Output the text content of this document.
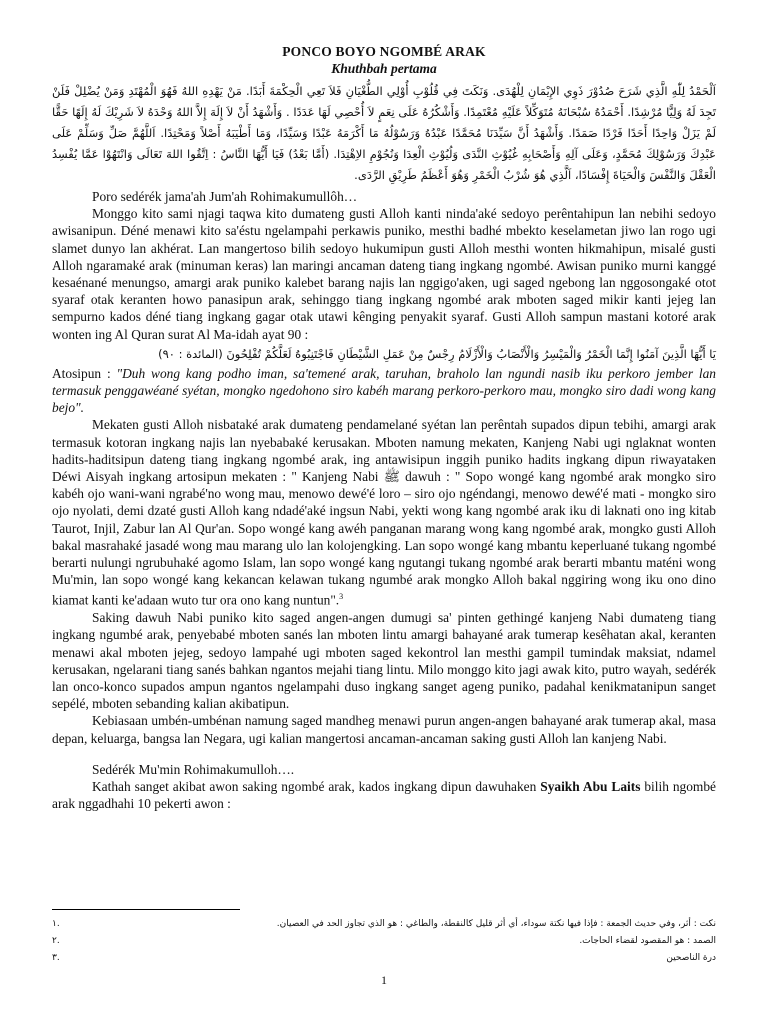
PONCO BOYO NGOMBÉ ARAK
Khuthbah pertama
اَلْحَمْدُ لِلّٰهِ الَّذِي شَرَحَ صُدُوْرَ ذَوِي الإِيْمَانِ لِلْهُدَى. وَنَكَتَ فِي قُلُوْبِ أُوْلِي الطُّغْيَانِ فَلاَ تَعِي الْحِكْمَةَ أَبَدًا. مَنْ يَهْدِهِ اللهُ فَهُوَ الْمُهْتَدِ وَمَنْ يُضْلِلْ فَلَنْ تَجِدَ لَهُ وَلِيًّا مُرْشِدًا. أَحْمَدُهُ سُبْحَانَهُ مُتَوَكِّلاً عَلَيْهِ مُعْتَمِدًا. وَأَشْكُرُهُ عَلَى نِعَمٍ لاَ أُحْصِي لَهَا عَدَدًا . وَأَشْهَدُ أَنْ لاَ إِلَهَ إِلاَّ اللهُ وَحْدَهُ لاَ شَرِيْكَ لَهُ إِلَهًا حَقًّا لَمْ يَزَلْ وَاحِدًا أَحَدًا فَرْدًا صَمَدًا. وَأَشْهَدُ أَنَّ سَيِّدَنَا مُحَمَّدًا عَبْدُهُ وَرَسُوْلُهُ مَا أَكْرَمَهُ عَبْدًا وَسَيِّدًا، وَمَا أَطْيَبَهُ أَصْلاً وَمَحْتِدًا. اَللَّهُمَّ صَلِّ وَسَلِّمْ عَلَى عَبْدِكَ وَرَسُوْلِكَ مُحَمَّدٍ، وَعَلَى آلِهِ وَأَصْحَابِهِ غُيُوْثِ النَّدَى وَلُيُوْثِ الْعِدَا وَنُجُوْمِ الاِهْتِدَا. (أَمَّا بَعْدُ) فَيَا أَيُّهَا النَّاسُ : اِتَّقُوا اللهَ تَعَالَى وَانْتَهُوْا عَمَّا يُفْسِدُ الْعَقْلَ وَالنَّفْسَ وَالْحَيَاةَ إِفْسَادًا، اَلَّذِي هُوَ شُرْبُ الْخَمْرِ وَهُوَ أَعْظَمُ طَرِيْقِ الرَّدَى.

Poro sedérék jama'ah Jum'ah Rohimakumullôh…

Monggo kito sami njagi taqwa kito dumateng gusti Alloh kanti ninda'aké sedoyo perêntahipun lan nebihi sedoyo awisanipun. Déné menawi kito sa'éstu ngelampahi perkawis puniko, mesthi badhé mbekto keselametan jiwo lan rogo ugi slamet dunyo lan akhérat. Lan mangertoso bilih sedoyo hukumipun gusti Alloh mesthi wonten hikmahipun, misalé gusti Alloh ngaramaké arak (minuman keras) lan maringi ancaman dateng tiang ingkang ngombé. Awisan puniko murni kanggé kesaénané menungso, amargi arak puniko kalebet barang najis lan nggigo'aken, ugi saged ngebong lan nggosongaké otot syaraf otak keranten howo panasipun arak, sehinggo tiang ingkang ngombé arak mboten saged mikir kanti jejeg lan sempurno kados déné tiang ingkang gagar otak utawi kênging penyakit syaraf. Gusti Alloh sampun mastani kotoré arak wonten ing Al Quran surat Al Ma-idah ayat 90 :

يَا أَيُّهَا الَّذِينَ آمَنُوا إِنَّمَا الْخَمْرُ وَالْمَيْسِرُ وَالْأَنْصَابُ وَالْأَزْلَامُ رِجْسٌ مِنْ عَمَلِ الشَّيْطَانِ فَاجْتَنِبُوهُ لَعَلَّكُمْ تُفْلِحُونَ (المائدة : ٩٠)

Atosipun : "Duh wong kang podho iman, sa'temené arak, taruhan, braholo lan ngundi nasib iku perkoro jember lan termasuk penggawéané syétan, mongko ngedohono siro kabéh marang perkoro-perkoro mau, mongko siro dadi wong kang bejo".

Mekaten gusti Alloh nisbataké arak dumateng pendamelané syétan lan perêntah supados dipun tebihi, amargi arak termasuk kotoran ingkang najis lan nyebabaké kerusakan. Mboten namung mekaten, Kanjeng Nabi ugi nglaknat wonten hadits-haditsipun dateng tiang ingkang ngombé arak, ing antawisipun inggih puniko hadits ingkang dipun riwayataken Déwi Aisyah ingkang artosipun mekaten : " Kanjeng Nabi ﷺ dawuh : " Sopo wongé kang ngombé arak mongko siro kabéh ojo wani-wani ngrabé'no wong mau, menowo dewé'é loro – siro ojo ngéndangi, menowo dewé'é mati - mongko siro ojo nyolati, demi dzaté gusti Alloh kang ndadé'aké ingsun Nabi, yekti wong kang ngombé arak iku di laknati ono ing kitab Taurot, Injil, Zabur lan Al Qur'an. Sopo wongé kang awéh panganan marang wong kang ngombé arak, mongko gusti Alloh bakal masrahaké jasadé wong mau marang ulo lan kolojengking. Lan sopo wongé kang mbantu keperluané tukang ngombé berarti nulungi ngrubuhaké agomo Islam, lan sopo wongé kang ngutangi tukang ngombé arak berarti mbantu maténi wong Mu'min, lan sopo wongé kang kekancan kelawan tukang ngumbé arak mongko Alloh bakal nggiring wong iku ono dino kiamat kanti ke'adaan wuto tur ora ono kang nuntun".$^3$

Saking dawuh Nabi puniko kito saged angen-angen dumugi sa' pinten gethingé kanjeng Nabi dumateng tiang ingkang ngumbé arak, penyebabé mboten sanés lan mboten lintu amargi bahayané arak tumerap kesêhatan akal, keranten menawi akal mboten jejeg, sedoyo lampahé ugi mboten saged kekontrol lan mesthi gampil tumindak maksiat, ndamel kerusakan, ngelarani tiang sanés bahkan ngantos mejahi tiang lintu. Milo monggo kito jagi awak kito, putro wayah, sedérék lan onco-konco supados ampun ngantos ngelampahi duso ingkang sanget ageng puniko, padahal kenikmatanipun sanget sepélé, mboten sebanding kalian akibatipun.

Kebiasaan umbén-umbénan namung saged mandheg menawi purun angen-angen bahayané arak tumerap akal, masa depan, keluarga, bangsa lan Negara, ugi kalian mangertosi ancaman-ancaman saking gusti Alloh lan kanjeng Nabi.

Sedérék Mu'min Rohimakumulloh….

Kathah sanget akibat awon saking ngombé arak, kados ingkang dipun dawuhaken Syaikh Abu Laits bilih ngombé arak nggadhahi 10 pekerti awon :

نكت : أثر، وفي حديث الجمعة : فإذا فيها نكتة سوداء، أي أثر قليل كالنقطة، والطاغي : هو الذي تجاوز الحد في العصيان.
١.
الصمد : هو المقصود لقضاء الحاجات.
٢.
درة الناصحين
٣.
1
